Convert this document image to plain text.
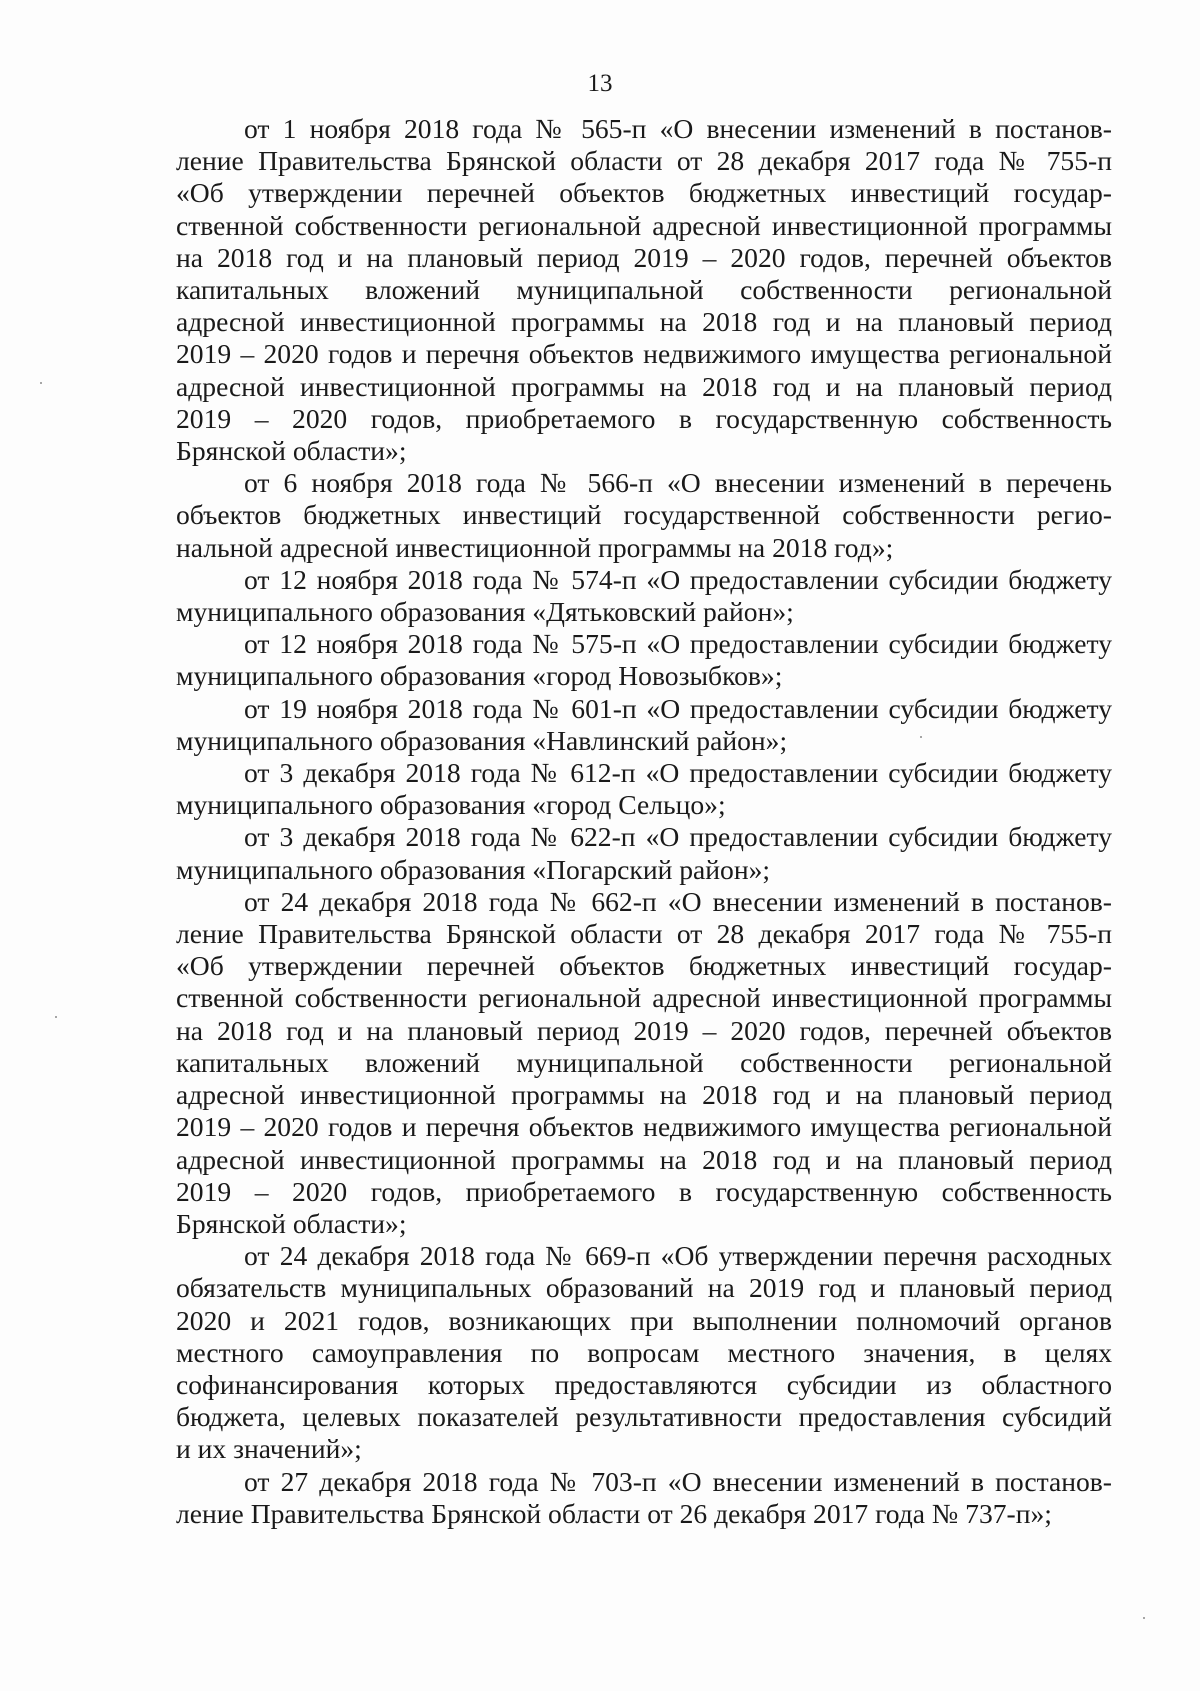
13

от 1 ноября 2018 года № 565-п «О внесении изменений в постанов-
ление Правительства Брянской области от 28 декабря 2017 года № 755-п
«Об утверждении перечней объектов бюджетных инвестиций государ-
ственной собственности региональной адресной инвестиционной программы
на 2018 год и на плановый период 2019 – 2020 годов, перечней объектов
капитальных вложений муниципальной собственности региональной
адресной инвестиционной программы на 2018 год и на плановый период
2019 – 2020 годов и перечня объектов недвижимого имущества региональной
адресной инвестиционной программы на 2018 год и на плановый период
2019 – 2020 годов, приобретаемого в государственную собственность
Брянской области»;

от 6 ноября 2018 года № 566-п «О внесении изменений в перечень
объектов бюджетных инвестиций государственной собственности регио-
нальной адресной инвестиционной программы на 2018 год»;

от 12 ноября 2018 года № 574-п «О предоставлении субсидии бюджету
муниципального образования «Дятьковский район»;

от 12 ноября 2018 года № 575-п «О предоставлении субсидии бюджету
муниципального образования «город Новозыбков»;

от 19 ноября 2018 года № 601-п «О предоставлении субсидии бюджету
муниципального образования «Навлинский район»;

от 3 декабря 2018 года № 612-п «О предоставлении субсидии бюджету
муниципального образования «город Сельцо»;

от 3 декабря 2018 года № 622-п «О предоставлении субсидии бюджету
муниципального образования «Погарский район»;

от 24 декабря 2018 года № 662-п «О внесении изменений в постанов-
ление Правительства Брянской области от 28 декабря 2017 года № 755-п
«Об утверждении перечней объектов бюджетных инвестиций государ-
ственной собственности региональной адресной инвестиционной программы
на 2018 год и на плановый период 2019 – 2020 годов, перечней объектов
капитальных вложений муниципальной собственности региональной
адресной инвестиционной программы на 2018 год и на плановый период
2019 – 2020 годов и перечня объектов недвижимого имущества региональной
адресной инвестиционной программы на 2018 год и на плановый период
2019 – 2020 годов, приобретаемого в государственную собственность
Брянской области»;

от 24 декабря 2018 года № 669-п «Об утверждении перечня расходных
обязательств муниципальных образований на 2019 год и плановый период
2020 и 2021 годов, возникающих при выполнении полномочий органов
местного самоуправления по вопросам местного значения, в целях
софинансирования которых предоставляются субсидии из областного
бюджета, целевых показателей результативности предоставления субсидий
и их значений»;

от 27 декабря 2018 года № 703-п «О внесении изменений в постанов-
ление Правительства Брянской области от 26 декабря 2017 года № 737-п»;
